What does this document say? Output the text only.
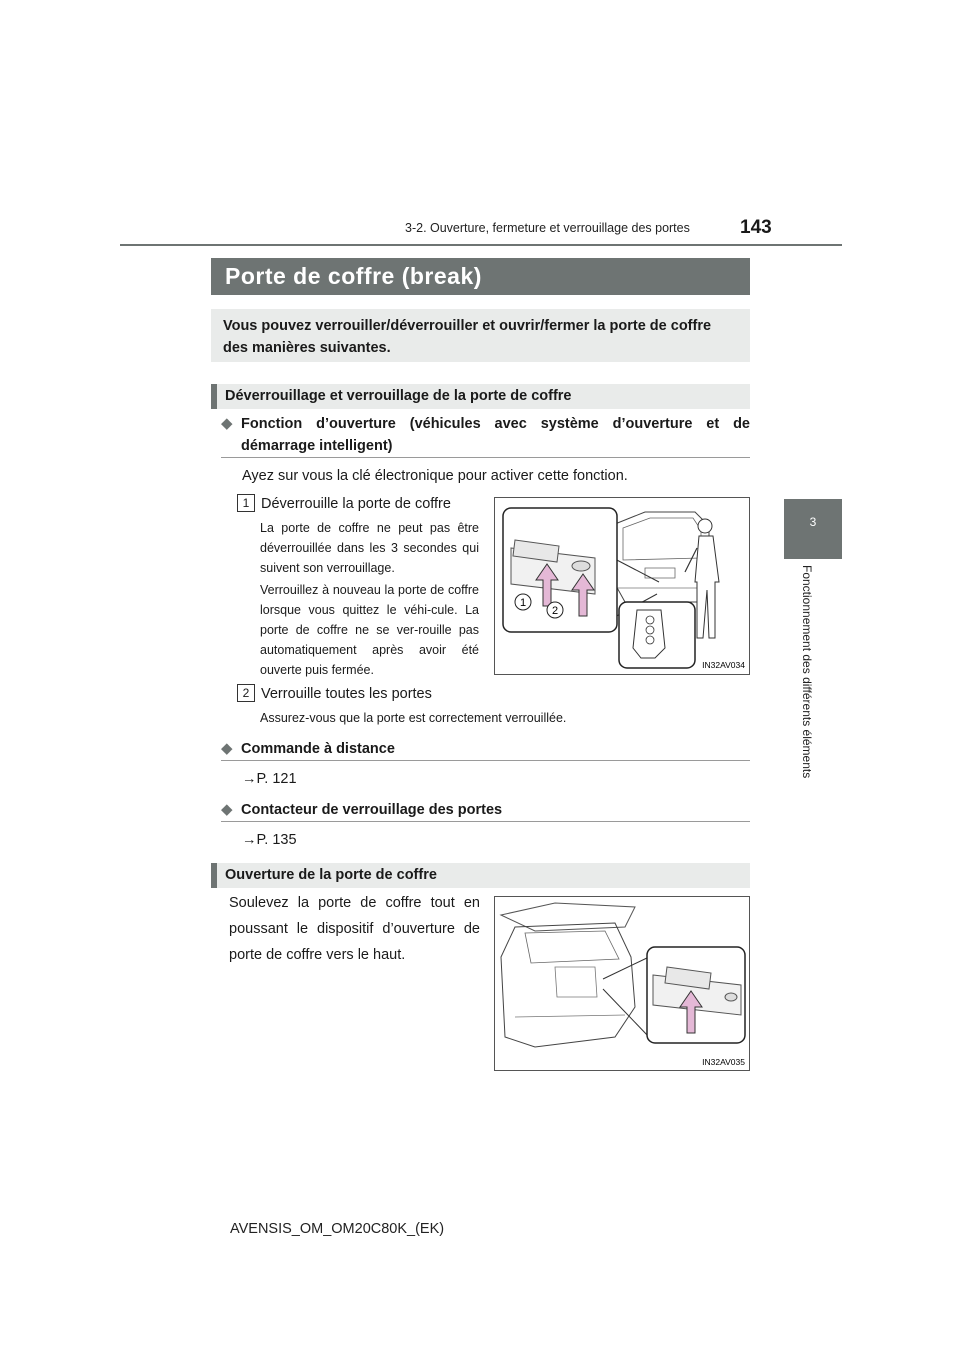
3-2. Ouverture, fermeture et verrouillage des portes	143
3
Fonctionnement des différents éléments
Porte de coffre (break)
Vous pouvez verrouiller/déverrouiller et ouvrir/fermer la porte de coffre des manières suivantes.
Déverrouillage et verrouillage de la porte de coffre
◆ Fonction d’ouverture (véhicules avec système d’ouverture et de
démarrage intelligent)
Ayez sur vous la clé électronique pour activer cette fonction.
1 Déverrouille la porte de coffre
La porte de coffre ne peut pas être déverrouillée dans les 3 secondes qui suivent son verrouillage.
Verrouillez à nouveau la porte de coffre lorsque vous quittez le véhi-cule. La porte de coffre ne se ver-rouille pas automatiquement après avoir été ouverte puis fermée.
2 Verrouille toutes les portes
Assurez-vous que la porte est correctement verrouillée.
1
2
IN32AV034
◆ Commande à distance
→P. 121
◆ Contacteur de verrouillage des portes
→P. 135
Ouverture de la porte de coffre
Soulevez la porte de coffre tout en poussant le dispositif d’ouverture de porte de coffre vers le haut.
IN32AV035
AVENSIS_OM_OM20C80K_(EK)
